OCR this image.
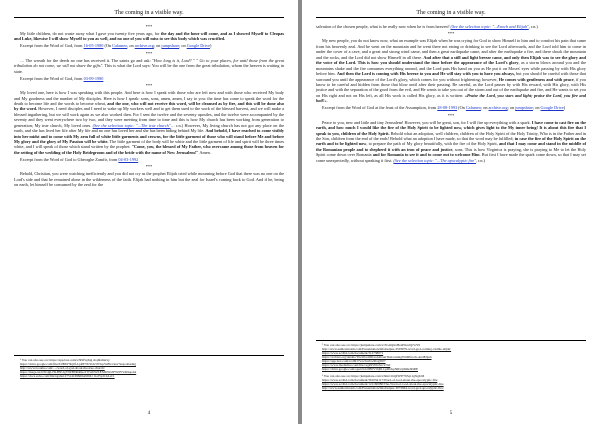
The coming in a visible way.
***

My little children, do not waste away what I gave you twenty five years ago, for the day and the hour will come, and as I showed Myself to Cleopas and Luke, likewise I will show Myself to you as well, and no one of you will miss to see this body which was crucified.

Excerpt from the Word of God, from 16-05-1980 (On Calameo, on archive.org; on jumpshare; on Google Drive)

***

… The wreath for the deeds no one has received it. The saints go and ask: "How long is it, Lord? " " Go to your places, for until those from the great tribulation do not come, we will not share the gifts". This is what the Lord says: You will be the one from the great tribulation, whom the heaven is waiting in state.

Excerpt from the Word of God, from 03-09-1980

***

My loved one, here is how I was speaking with this people. And here is how I speak with those who are left now and with those who received My body and My goodness and the number of My disciples. Here is how I speak: sons, sons, amen, amen, I say to you: the time has come to speak the word for the death to become life and the words to become wheat, and the one, who will not receive this word, will be cleansed as by fire, and this will be done also by the word. However, I need disciples and I need to wake up My workers well and to get them used to the work of the blessed harvest, and we will make a blessed ingathering, but we will work again as we also worked then. For I sent the twelve and the seventy apostles, and the twelve were accompanied by the seventy and they went everywhere two by two, and they were meeting from time to time and this is how My church has been working from generation to generation; My true church, My loved ones. (See the selection topic: "...The true church"… r.n.) However, My living church has not got any place on the earth, and she has lived her life after My life and no one has loved her and she has been hiding behind My life. And behold, I have reached to come visibly into her midst and to come with My arm full of white little garments and crowns, for the little garment of those who will stand before Me and before My glory and the glory of My Passion will be white. The little garment of the body will be white and the little garment of life and spirit will be three times white, and I will speak of those which stand written by the prophet: "Come, you, the blessed of My Father, who overcame among those from heaven for the setting of the wedding of the Holy Bridegroom and of the bride with the name of New Jerusalem!" Amen.

Excerpt from the Word of God to Gheorghe Zamfir, from 04-03-1992

***

Behold, Christian, you were watching inefficiently and you did not cry as the prophet Elijah cried while mourning before God that there was no one on the Lord's side and that he remained alone in the wilderness of the faith. Elijah had nothing in him but the zeal for Israel's coming back to God. And if he, being on earth, let himself be consumed by the zeal for the

¹ You can also see on: https://app.box.com/s/3l9f5q3ng sbqhfa6zzvy

https://drive.google.com/file/d/0B6V5bj0f-LpRYTUSbG5WGpVeFk/view?usp=sharing

http://www.bookiss.com/..../word-of-god-about-the-true-church/

https://mega.nz/#!W4gLHLBN!dgY8ZB9RtRlsoTW4ZN2ZEX6bWs5FW9YVm9qo4A

https://docs.zoho.com/file/ngsbu1275141698dtha9fb61 l1aJ5yd1lsL2c1

4
The coming in a visible way.

salvation of the chosen people, what is he really now when he is from heaven? (See the selection topic: "...Enoch and Elijah", r.n.)

***

My new people, you do not know now, what an example was Elijah when he was crying for God to show Himself to him and to comfort his pain that came from his heavenly zeal. And he went on the mountain and he went there not eating or drinking to see the Lord afterwards, and the Lord told him to come in under the cover of a cave, and a great and strong wind came, and then a great earthquake came, and after the earthquake a fire, and there shook the mountain and the rocks, and the Lord did not show Himself in all these. And after that a still and light breeze came, and only then Elijah was to see the glory and the voice of the Lord. This is how you should understand the time before the appearance of the Lord's glory, as a storm blows around you and the mountains shake and the fire consumes everything around, and the Lord puts His hand on you as He put it on Moses' eyes while passing by with His glory before him. And then the Lord is coming with His breeze to you and He will stay with you to have you always, but you should be careful with those that surround you until the appearance of the Lord's glory, which comes for you without frightening; however, He comes with gentleness and with peace, if you know to be careful and hidden from those that blow until after their passing. Be careful, as the Lord passes by with His reward, with His glory, with His justice and with the separation of the good from the evil, and He wants to take you out of the storm and out of the earthquake and fire, and He wants to set you on His right and not on His left, as all His work is called His glory, as it is written: «Praise the Lord, you stars and light; praise the Lord, you fire and hail!».

Excerpt from the Word of God at the feast of the Assumption, from 28-08-1993 (On Calameo; on archive.org; on jumpshare; on Google Drive)

***

Peace to you, new and little and tiny Jerusalem! However, you will be great, son, for I will fire up everything with a spark. I have come to cast fire on the earth, and how much I would like the fire of the Holy Spirit to be lighted now, which gives light to the My inner being! It is about this fire that I speak to you, children of the Holy Spirit. Behold what an adoption, well children, children of the Holy Spirit of the Holy Trinity, Who is in the Father and in the Son, children from the end of the ends! Behold what an adoption I have made, so that the word may be fulfilled; in case the fire of the Holy Spirit on the earth and to be lighted now, to prepare the path of My glory beautifully, with the fire of the Holy Spirit, and that I may come and stand in the middle of the Romanian people and to shepherd it with an iron of peace and justice, sons. This is how Virginica is praying, she is praying to Me to let the Holy Spirit come down over Romania and for Romania to see it and to come out to welcome Him. But first I have made the spark come down, so that I may set come unexpectedly, without speaking it first. (See the selection topic: "...The apocalyptic fire", r.n.)

² You can also see on: https://jumpshare.com/v/ZGiiQtavHeaH1n2Q7wY9

http://www.authorstream.com/Presentation/InfoIasipus-3503079-word-god-coming-visible-elijah/

https://www.scribd.com/document/312738071

https://archive.org/details/TheWordOfGodAboutTheComingWithEnoch-AndElijah

https://app.box.com/s/o9917wrc5uvbwf0xg5f07

https://www.mediafire.com/file/vsgk9565tdvrcz7b0

https://drive.google.com/open?id=0B6V5bj0f-LpRbGpNRUpSRkJRd0E

³ You can also see on: https://jumpshare.com/v/Rntv1bQfSH7795q11gXgIcM

https://www.scribd.com/document/361034117/Word-of-God-about-the-apocalyptic-fire

https://www.scribd.com/document/121160080/The-Word-of-God-about-the-apocalyptic-fire

http://www.authorstream.com/Presentation/InfoIasipus-3072664-word-god-apocalyptic-fire/

5
